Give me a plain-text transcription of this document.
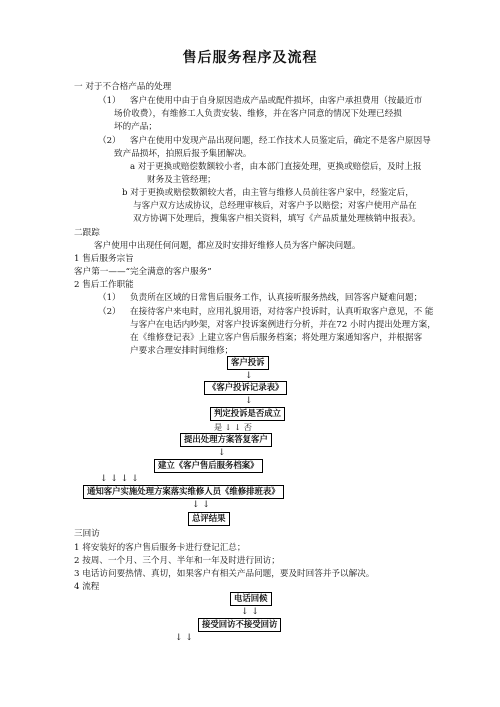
售后服务程序及流程
一 对于不合格产品的处理
（1） 客户在使用中由于自身原因造成产品或配件损坏，由客户承担费用（按最近市
场价收费），有维修工人负责安装、维修，并在客户同意的情况下处理已经损
坏的产品；
（2） 客户在使用中发现产品出现问题，经工作技术人员鉴定后，确定不是客户原因导
致产品损坏，拍照后报予集团解决。
a 对于更换或赔偿数额较小者，由本部门直接处理，更换或赔偿后，及时上报
财务及主管经理；
b 对于更换或赔偿数额较大者，由主管与维修人员前往客户家中，经鉴定后，
与客户双方达成协议，总经理审核后，对客户予以赔偿；对客户使用产品在
双方协调下处理后，搜集客户相关资料，填写《产品质量处理核销申报表》。
二跟踪
客户使用中出现任何问题，都应及时安排好维修人员为客户解决问题。
1 售后服务宗旨
客户第一——“完全满意的客户服务”
2 售后工作职能
（1） 负责所在区域的日常售后服务工作，认真接听服务热线，回答客户疑难问题；
（2） 在接待客户来电时，应用礼貌用语，对待客户投诉时，认真听取客户意见，不 能
与客户在电话内吵架，对客户投诉案例进行分析，并在72 小时内提出处理方案，
在《维修登记表》上建立客户售后服务档案；将处理方案通知客户，并根据客
户要求合理安排时间维修；
客户投诉
↓
《客户投诉记录表》
↓
判定投诉是否成立
是 ↓ ↓ 否
提出处理方案答复客户
↓
建立《客户售后服务档案》
↓ ↓ ↓ ↓
通知客户实施处理方案落实维修人员《维修排班表》
↓ ↓
总评结果
三回访
1 将安装好的客户售后服务卡进行登记汇总；
2 按周、一个月、三个月、半年和一年及时进行回访；
3 电话访问要热情、真切，如果客户有相关产品问题，要及时回答并予以解决。
4 流程
电话回候
↓ ↓
接受回访不接受回访
↓ ↓
